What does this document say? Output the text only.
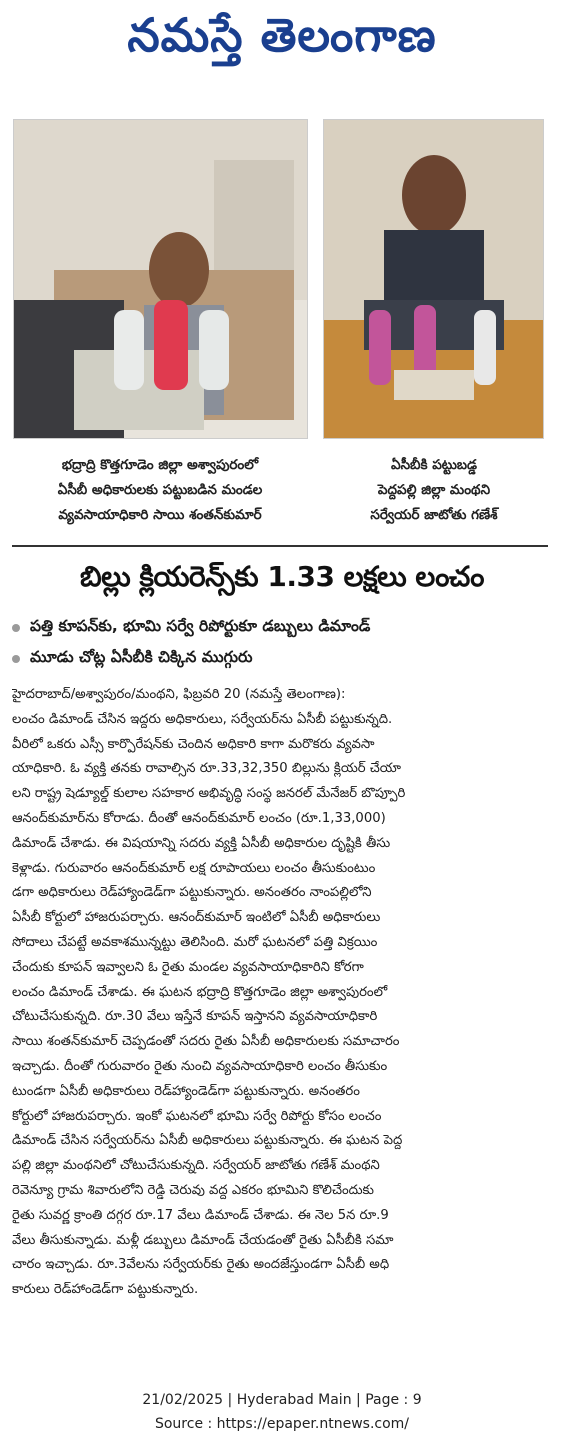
నమస్తే తెలంగాణ
భద్రాద్రి కొత్తగూడెం జిల్లా అశ్వాపురంలో
ఏసీబీ అధికారులకు పట్టుబడిన మండల
వ్యవసాయాధికారి సాయి శంతన్‌కుమార్
ఏసీబీకి పట్టుబడ్డ
పెద్దపల్లి జిల్లా మంథని
సర్వేయర్ జాటోతు గణేశ్
బిల్లు క్లియరెన్స్‌కు 1.33 లక్షలు లంచం
పత్తి కూపన్‌కు, భూమి సర్వే రిపోర్టుకూ డబ్బులు డిమాండ్
మూడు చోట్ల ఏసీబీకి చిక్కిన ముగ్గురు
హైదరాబాద్/అశ్వాపురం/మంథని, ఫిబ్రవరి 20 (నమస్తే తెలంగాణ):
లంచం డిమాండ్ చేసిన ఇద్దరు అధికారులు, సర్వేయర్‌ను ఏసీబీ పట్టుకున్నది.
వీరిలో ఒకరు ఎస్సీ కార్పొరేషన్‌కు చెందిన అధికారి కాగా మరొకరు వ్యవసా
యాధికారి. ఓ వ్యక్తి తనకు రావాల్సిన రూ.33,32,350 బిల్లును క్లియర్ చేయా
లని రాష్ట్ర షెడ్యూల్డ్ కులాల సహకార అభివృద్ధి సంస్థ జనరల్ మేనేజర్ బొప్పూరి
ఆనంద్‌కుమార్‌ను కోరాడు. దీంతో ఆనంద్‌కుమార్ లంచం (రూ.1,33,000)
డిమాండ్ చేశాడు. ఈ విషయాన్ని సదరు వ్యక్తి ఏసీబీ అధికారుల దృష్టికి తీసు
కెళ్లాడు. గురువారం ఆనంద్‌కుమార్ లక్ష రూపాయలు లంచం తీసుకుంటుం
డగా అధికారులు రెడ్‌హ్యాండెడ్‌గా పట్టుకున్నారు. అనంతరం నాంపల్లిలోని
ఏసీబీ కోర్టులో హాజరుపర్చారు. ఆనంద్‌కుమార్ ఇంటిలో ఏసీబీ అధికారులు
సోదాలు చేపట్టే అవకాశమున్నట్టు తెలిసింది. మరో ఘటనలో పత్తి విక్రయిం
చేందుకు కూపన్ ఇవ్వాలని ఓ రైతు మండల వ్యవసాయాధికారిని కోరగా
లంచం డిమాండ్ చేశాడు. ఈ ఘటన భద్రాద్రి కొత్తగూడెం జిల్లా అశ్వాపురంలో
చోటుచేసుకున్నది. రూ.30 వేలు ఇస్తేనే కూపన్ ఇస్తానని వ్యవసాయాధికారి
సాయి శంతన్‌కుమార్ చెప్పడంతో సదరు రైతు ఏసీబీ అధికారులకు సమాచారం
ఇచ్చాడు. దీంతో గురువారం రైతు నుంచి వ్యవసాయాధికారి లంచం తీసుకుం
టుండగా ఏసీబీ అధికారులు రెడ్‌హ్యాండెడ్‌గా పట్టుకున్నారు. అనంతరం
కోర్టులో హాజరుపర్చారు. ఇంకో ఘటనలో భూమి సర్వే రిపోర్టు కోసం లంచం
డిమాండ్ చేసిన సర్వేయర్‌ను ఏసీబీ అధికారులు పట్టుకున్నారు. ఈ ఘటన పెద్ద
పల్లి జిల్లా మంథనిలో చోటుచేసుకున్నది. సర్వేయర్ జాటోతు గణేశ్ మంథని
రెవెన్యూ గ్రామ శివారులోని రెడ్డి చెరువు వద్ద ఎకరం భూమిని కొలిచేందుకు
రైతు సువర్ణ క్రాంతి దగ్గర రూ.17 వేలు డిమాండ్ చేశాడు. ఈ నెల 5న రూ.9
వేలు తీసుకున్నాడు. మళ్లీ డబ్బులు డిమాండ్ చేయడంతో రైతు ఏసీబీకి సమా
చారం ఇచ్చాడు. రూ.3వేలను సర్వేయర్‌కు రైతు అందజేస్తుండగా ఏసీబీ అధి
కారులు రెడ్‌హాండెడ్‌గా పట్టుకున్నారు.
21/02/2025 | Hyderabad Main | Page : 9
Source : https://epaper.ntnews.com/
